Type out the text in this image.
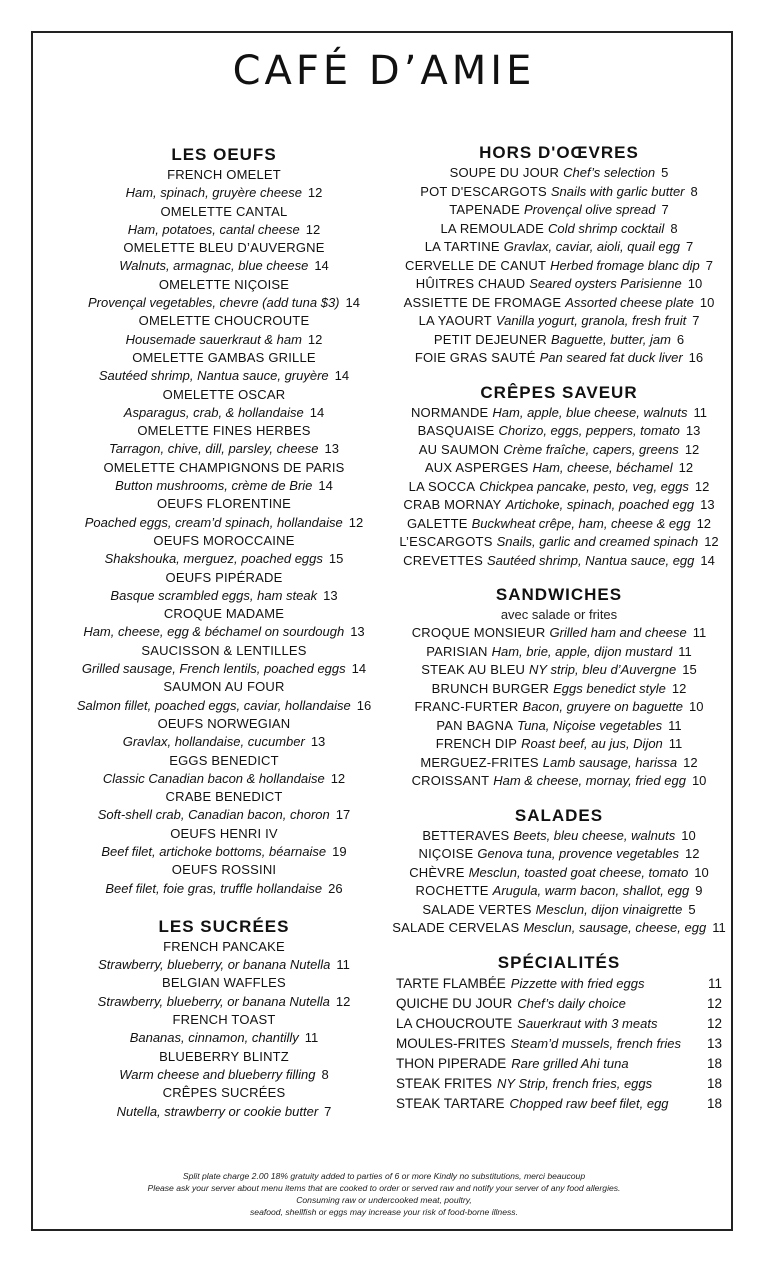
CAFÉ D’AMIE
LES OEUFS
FRENCH OMELET
Ham, spinach, gruyère cheese 12
OMELETTE CANTAL
Ham, potatoes, cantal cheese 12
OMELETTE BLEU D’AUVERGNE
Walnuts, armagnac, blue cheese 14
OMELETTE NIÇOISE
Provençal vegetables, chevre (add tuna $3) 14
OMELETTE CHOUCROUTE
Housemade sauerkraut & ham 12
OMELETTE GAMBAS GRILLE
Sautéed shrimp, Nantua sauce, gruyère 14
OMELETTE OSCAR
Asparagus, crab, & hollandaise 14
OMELETTE FINES HERBES
Tarragon, chive, dill, parsley, cheese 13
OMELETTE CHAMPIGNONS DE PARIS
Button mushrooms, crème de Brie 14
OEUFS FLORENTINE
Poached eggs, cream’d spinach, hollandaise 12
OEUFS MOROCCAINE
Shakshouka, merguez, poached eggs 15
OEUFS PIPÉRADE
Basque scrambled eggs, ham steak 13
CROQUE MADAME
Ham, cheese, egg & béchamel on sourdough 13
SAUCISSON & LENTILLES
Grilled sausage, French lentils, poached eggs 14
SAUMON AU FOUR
Salmon fillet, poached eggs, caviar, hollandaise 16
OEUFS NORWEGIAN
Gravlax, hollandaise, cucumber 13
EGGS BENEDICT
Classic Canadian bacon & hollandaise 12
CRABE BENEDICT
Soft-shell crab, Canadian bacon, choron 17
OEUFS HENRI IV
Beef filet, artichoke bottoms, béarnaise 19
OEUFS ROSSINI
Beef filet, foie gras, truffle hollandaise 26
LES SUCRÉES
FRENCH PANCAKE
Strawberry, blueberry, or banana Nutella 11
BELGIAN WAFFLES
Strawberry, blueberry, or banana Nutella 12
FRENCH TOAST
Bananas, cinnamon, chantilly 11
BLUEBERRY BLINTZ
Warm cheese and blueberry filling 8
CRÊPES SUCRÉES
Nutella, strawberry or cookie butter 7
HORS D'OŒVRES
SOUPE DU JOUR Chef’s selection 5
POT D'ESCARGOTS Snails with garlic butter 8
TAPENADE Provençal olive spread 7
LA REMOULADE Cold shrimp cocktail 8
LA TARTINE Gravlax, caviar, aioli, quail egg 7
CERVELLE DE CANUT Herbed fromage blanc dip 7
HÛITRES CHAUD Seared oysters Parisienne 10
ASSIETTE DE FROMAGE Assorted cheese plate 10
LA YAOURT Vanilla yogurt, granola, fresh fruit 7
PETIT DEJEUNER Baguette, butter, jam 6
FOIE GRAS SAUTÉ Pan seared fat duck liver 16
CRÊPES SAVEUR
NORMANDE Ham, apple, blue cheese, walnuts 11
BASQUAISE Chorizo, eggs, peppers, tomato 13
AU SAUMON Crème fraîche, capers, greens 12
AUX ASPERGES Ham, cheese, béchamel 12
LA SOCCA Chickpea pancake, pesto, veg, eggs 12
CRAB MORNAY Artichoke, spinach, poached egg 13
GALETTE Buckwheat crêpe, ham, cheese & egg 12
L’ESCARGOTS Snails, garlic and creamed spinach 12
CREVETTES Sautéed shrimp, Nantua sauce, egg 14
SANDWICHES
avec salade or frites
CROQUE MONSIEUR Grilled ham and cheese 11
PARISIAN Ham, brie, apple, dijon mustard 11
STEAK AU BLEU NY strip, bleu d’Auvergne 15
BRUNCH BURGER Eggs benedict style 12
FRANC-FURTER Bacon, gruyere on baguette 10
PAN BAGNA Tuna, Niçoise vegetables 11
FRENCH DIP Roast beef, au jus, Dijon 11
MERGUEZ-FRITES Lamb sausage, harissa 12
CROISSANT Ham & cheese, mornay, fried egg 10
SALADES
BETTERAVES Beets, bleu cheese, walnuts 10
NIÇOISE Genova tuna, provence vegetables 12
CHÈVRE Mesclun, toasted goat cheese, tomato 10
ROCHETTE Arugula, warm bacon, shallot, egg 9
SALADE VERTES Mesclun, dijon vinaigrette 5
SALADE CERVELAS Mesclun, sausage, cheese, egg 11
SPÉCIALITÉS
TARTE FLAMBÉE Pizzette with fried eggs	11
QUICHE DU JOUR Chef’s daily choice	12
LA CHOUCROUTE Sauerkraut with 3 meats	12
MOULES-FRITES Steam’d mussels, french fries 13
THON PIPERADE Rare grilled Ahi tuna	18
STEAK FRITES NY Strip, french fries, eggs	18
STEAK TARTARE Chopped raw beef filet, egg	18
Split plate charge 2.00 18% gratuity added to parties of 6 or more Kindly no substitutions, merci beaucoup
Please ask your server about menu items that are cooked to order or served raw and notify your server of any food allergies.
Consuming raw or undercooked meat, poultry,
seafood, shellfish or eggs may increase your risk of food-borne illness.
